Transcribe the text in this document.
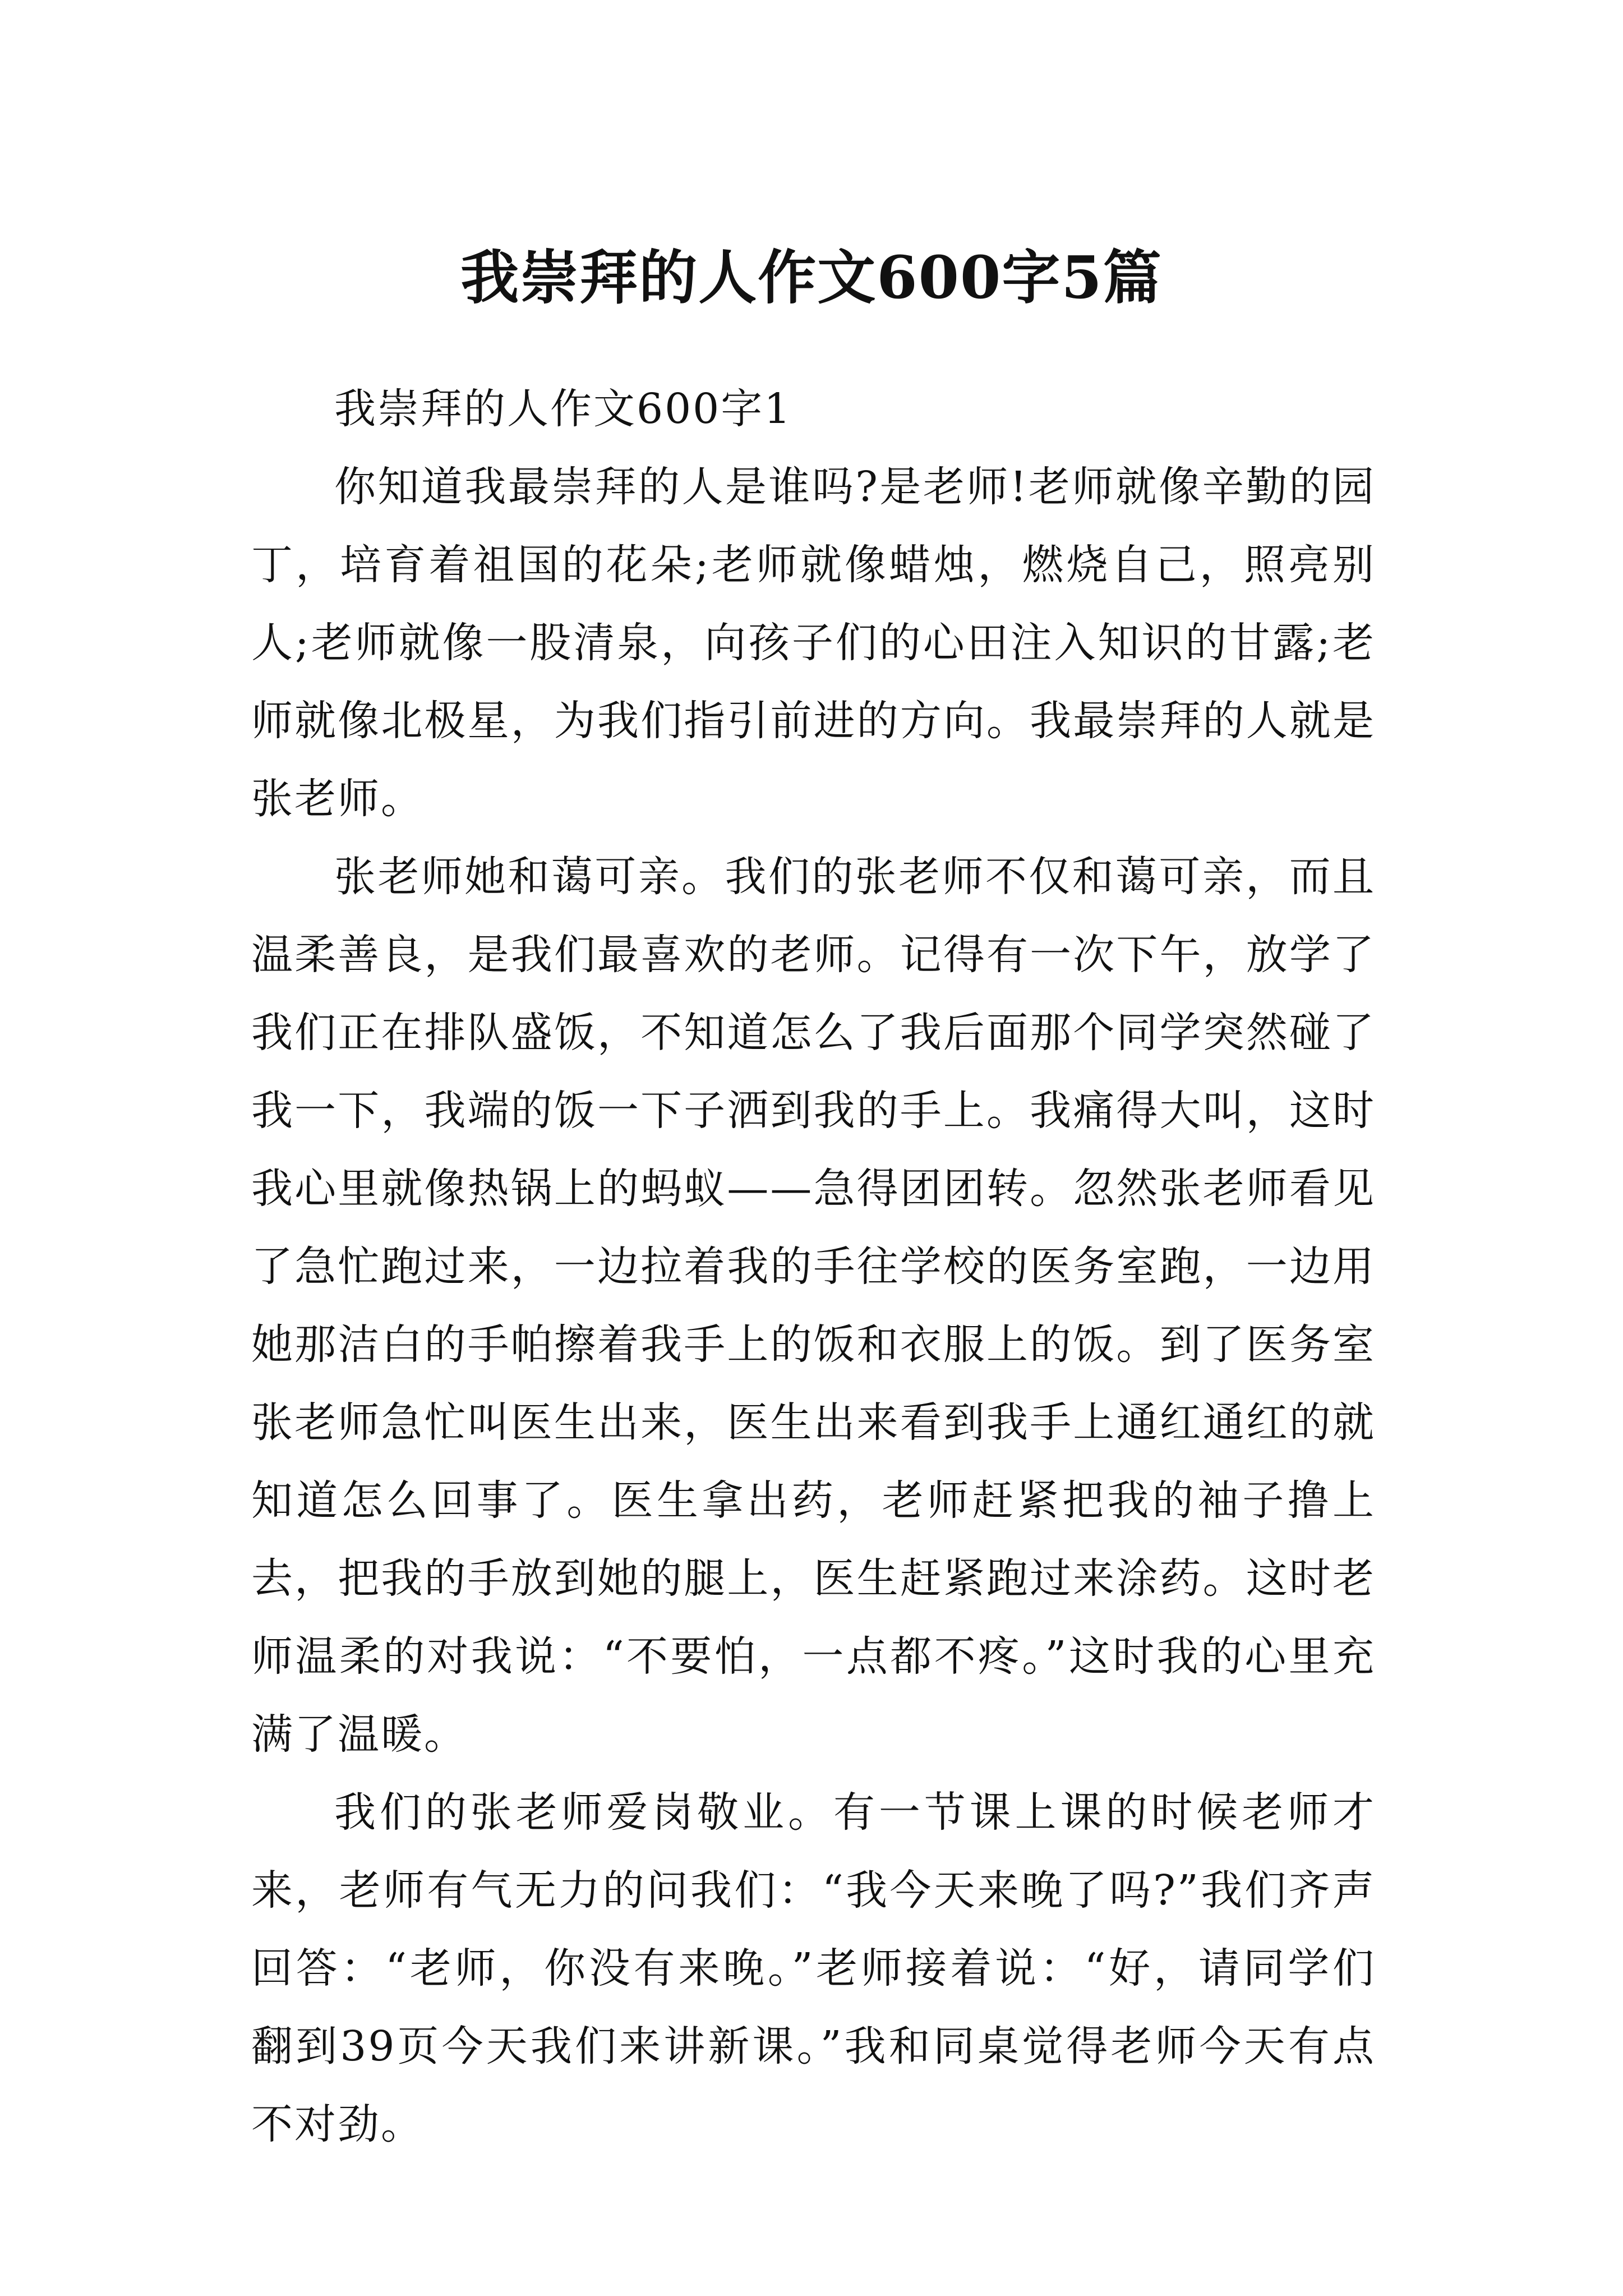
我崇拜的人作文600字5篇

我崇拜的人作文600字1

你知道我最崇拜的人是谁吗?是老师!老师就像辛勤的园丁，培育着祖国的花朵;老师就像蜡烛，燃烧自己，照亮别人;老师就像一股清泉，向孩子们的心田注入知识的甘露;老师就像北极星，为我们指引前进的方向。我最崇拜的人就是张老师。

张老师她和蔼可亲。我们的张老师不仅和蔼可亲，而且温柔善良，是我们最喜欢的老师。记得有一次下午，放学了我们正在排队盛饭，不知道怎么了我后面那个同学突然碰了我一下，我端的饭一下子洒到我的手上。我痛得大叫，这时我心里就像热锅上的蚂蚁——急得团团转。忽然张老师看见了急忙跑过来，一边拉着我的手往学校的医务室跑，一边用她那洁白的手帕擦着我手上的饭和衣服上的饭。到了医务室张老师急忙叫医生出来，医生出来看到我手上通红通红的就知道怎么回事了。医生拿出药，老师赶紧把我的袖子撸上去，把我的手放到她的腿上，医生赶紧跑过来涂药。这时老师温柔的对我说：“不要怕，一点都不疼。”这时我的心里充满了温暖。

我们的张老师爱岗敬业。有一节课上课的时候老师才来，老师有气无力的问我们：“我今天来晚了吗?”我们齐声回答：“老师，你没有来晚。”老师接着说：“好，请同学们翻到39页今天我们来讲新课。”我和同桌觉得老师今天有点不对劲。
